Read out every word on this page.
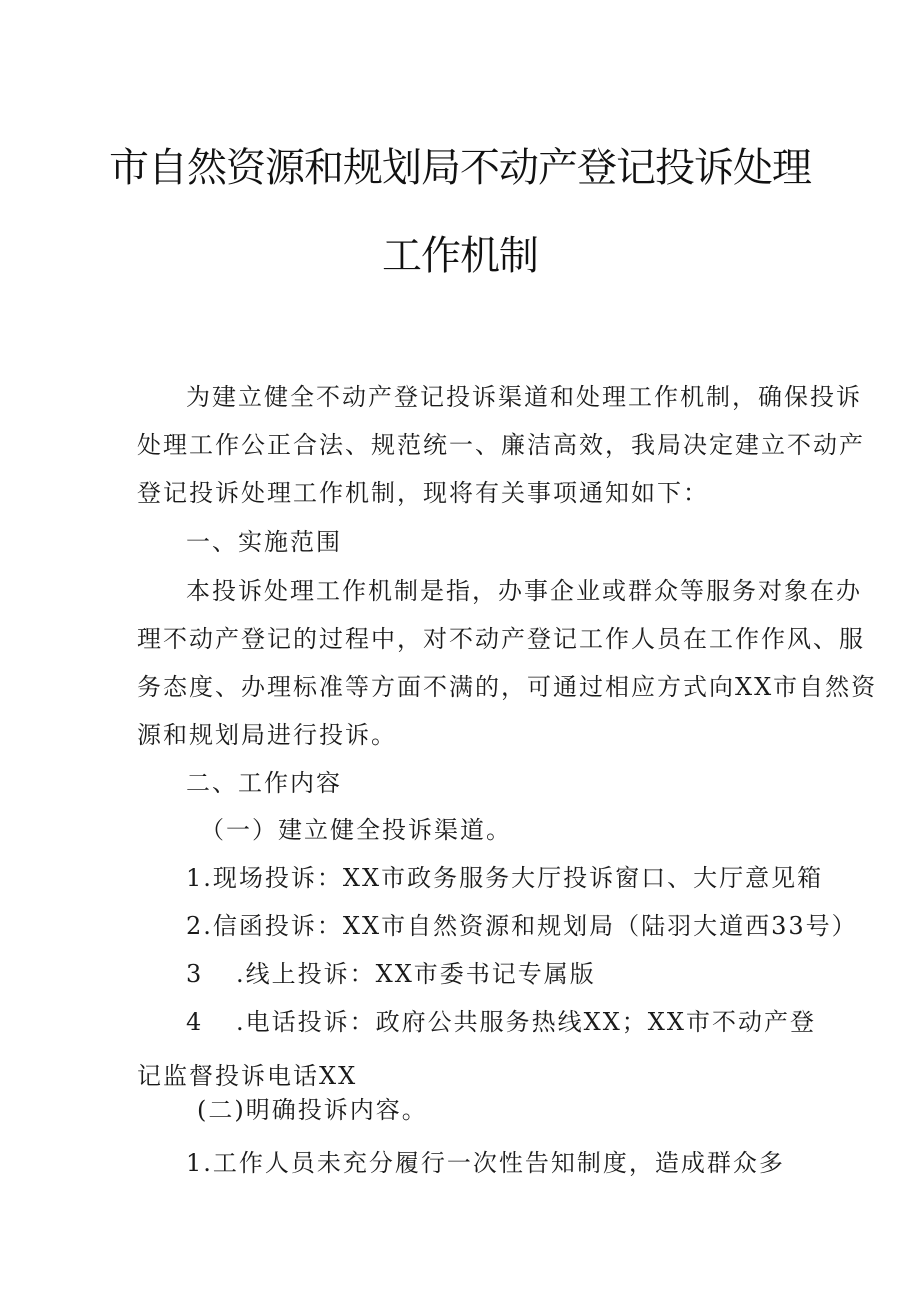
市自然资源和规划局不动产登记投诉处理
工作机制
为建立健全不动产登记投诉渠道和处理工作机制，确保投诉
处理工作公正合法、规范统一、廉洁高效，我局决定建立不动产
登记投诉处理工作机制，现将有关事项通知如下：
一、实施范围
本投诉处理工作机制是指，办事企业或群众等服务对象在办
理不动产登记的过程中，对不动产登记工作人员在工作作风、服
务态度、办理标准等方面不满的，可通过相应方式向XX市自然资
源和规划局进行投诉。
二、工作内容
（一）建立健全投诉渠道。
1.现场投诉：XX市政务服务大厅投诉窗口、大厅意见箱
2.信函投诉：XX市自然资源和规划局（陆羽大道西33号）
3 .线上投诉：XX市委书记专属版
4 .电话投诉：政府公共服务热线XX；XX市不动产登
记监督投诉电话XX
(二)明确投诉内容。
1.工作人员未充分履行一次性告知制度，造成群众多
